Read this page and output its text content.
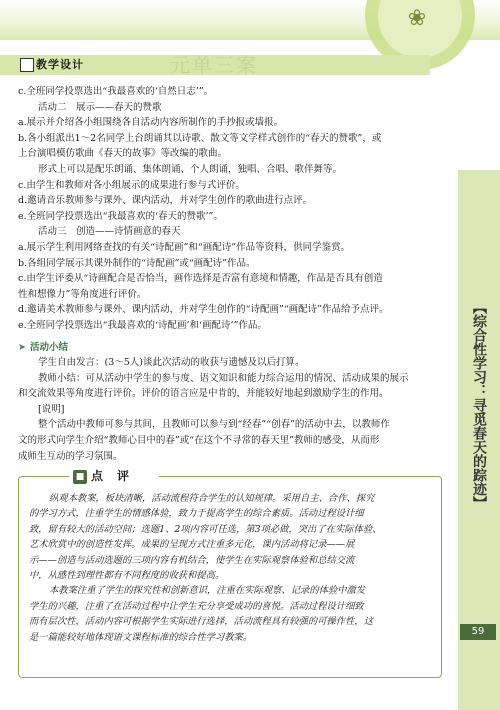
❀
教学设计	元单三案
【综合性学习：寻觅春天的踪迹】
59

c.全班同学投票选出“我最喜欢的‘自然日志’”。

活动二　展示——春天的赞歌

a.展示并介绍各小组围绕各自活动内容所制作的手抄报或墙报。

b.各小组派出1～2名同学上台朗诵其以诗歌、散文等文学样式创作的“春天的赞歌”，或

上台演唱模仿歌曲《春天的故事》等改编的歌曲。

形式上可以是配乐朗诵、集体朗诵、个人朗诵，独唱、合唱、歌伴舞等。

c.由学生和教师对各小组展示的成果进行参与式评价。

d.邀请音乐教师参与课外、课内活动，并对学生创作的歌曲进行点评。

e.全班同学投票选出“我最喜欢的‘春天的赞歌’”。

活动三　创造——诗情画意的春天

a.展示学生利用网络查找的有关“诗配画”和“画配诗”作品等资料，供同学鉴赏。

b.各组同学展示其课外制作的“诗配画”或“画配诗”作品。

c.由学生评委从“诗画配合是否恰当，画作选择是否富有意境和情趣，作品是否具有创造

性和想像力”等角度进行评价。

d.邀请美术教师参与课外、课内活动，并对学生创作的“诗配画”“画配诗”作品给予点评。

e.全班同学投票选出“我最喜欢的‘诗配画’和‘画配诗’”作品。

➤ 活动小结

学生自由发言：(3～5人)谈此次活动的收获与遗憾及以后打算。

教师小结：可从活动中学生的参与度、语文知识和能力综合运用的情况、活动成果的展示

和交流效果等角度进行评价。评价的语言应是中肯的，并能较好地起到激励学生的作用。

[说明]

整个活动中教师可参与其间，且教师可以参与到“经春”“创春”的活动中去，以教师作

文的形式向学生介绍“教师心目中的春”或“在这个不寻常的春天里”教师的感受，从而形

成师生互动的学习氛围。

■ 点评

纵观本教案，板块清晰，活动流程符合学生的认知规律。采用自主、合作、探究

的学习方式，注重学生的情感体验，致力于提高学生的综合素质。活动过程设计细

致，留有较大的活动空间；选题1、2项内容可任选，第3项必做，突出了在实际体验、

艺术欣赏中的创造性发挥。成果的呈现方式注重多元化，课内活动将记录——展

示——创造与活动选题的三项内容有机结合，使学生在实际观察体验和总结交流

中，从感性到理性都有不同程度的收获和提高。

本教案注重了学生的探究性和创新意识，注重在实际观察、记录的体验中激发

学生的兴趣，注重了在活动过程中让学生充分享受成功的喜悦。活动过程设计细致

而有层次性，活动内容可根据学生实际进行选择，活动流程具有较强的可操作性，这

是一篇能较好地体现语文课程标准的综合性学习教案。
